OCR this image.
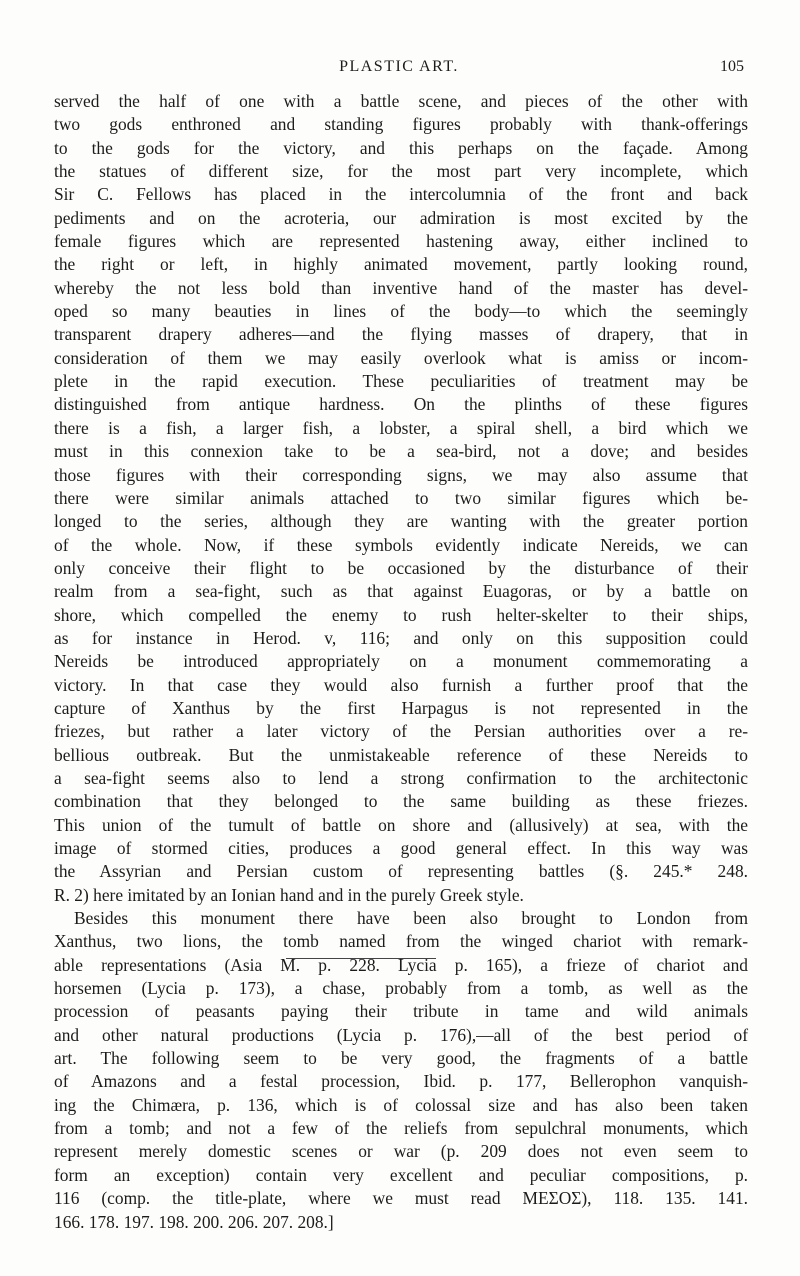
PLASTIC ART.	105
served the half of one with a battle scene, and pieces of the other with
two gods enthroned and standing figures probably with thank-offerings
to the gods for the victory, and this perhaps on the façade. Among
the statues of different size, for the most part very incomplete, which
Sir C. Fellows has placed in the intercolumnia of the front and back
pediments and on the acroteria, our admiration is most excited by the
female figures which are represented hastening away, either inclined to
the right or left, in highly animated movement, partly looking round,
whereby the not less bold than inventive hand of the master has devel-
oped so many beauties in lines of the body—to which the seemingly
transparent drapery adheres—and the flying masses of drapery, that in
consideration of them we may easily overlook what is amiss or incom-
plete in the rapid execution. These peculiarities of treatment may be
distinguished from antique hardness. On the plinths of these figures
there is a fish, a larger fish, a lobster, a spiral shell, a bird which we
must in this connexion take to be a sea-bird, not a dove; and besides
those figures with their corresponding signs, we may also assume that
there were similar animals attached to two similar figures which be-
longed to the series, although they are wanting with the greater portion
of the whole. Now, if these symbols evidently indicate Nereids, we can
only conceive their flight to be occasioned by the disturbance of their
realm from a sea-fight, such as that against Euagoras, or by a battle on
shore, which compelled the enemy to rush helter-skelter to their ships,
as for instance in Herod. v, 116; and only on this supposition could
Nereids be introduced appropriately on a monument commemorating a
victory. In that case they would also furnish a further proof that the
capture of Xanthus by the first Harpagus is not represented in the
friezes, but rather a later victory of the Persian authorities over a re-
bellious outbreak. But the unmistakeable reference of these Nereids to
a sea-fight seems also to lend a strong confirmation to the architectonic
combination that they belonged to the same building as these friezes.
This union of the tumult of battle on shore and (allusively) at sea, with the
image of stormed cities, produces a good general effect. In this way was
the Assyrian and Persian custom of representing battles (§. 245.* 248.
R. 2) here imitated by an Ionian hand and in the purely Greek style.
Besides this monument there have been also brought to London from
Xanthus, two lions, the tomb named from the winged chariot with remark-
able representations (Asia M. p. 228. Lycia p. 165), a frieze of chariot and
horsemen (Lycia p. 173), a chase, probably from a tomb, as well as the
procession of peasants paying their tribute in tame and wild animals
and other natural productions (Lycia p. 176),—all of the best period of
art. The following seem to be very good, the fragments of a battle
of Amazons and a festal procession, Ibid. p. 177, Bellerophon vanquish-
ing the Chimæra, p. 136, which is of colossal size and has also been taken
from a tomb; and not a few of the reliefs from sepulchral monuments, which
represent merely domestic scenes or war (p. 209 does not even seem to
form an exception) contain very excellent and peculiar compositions, p.
116 (comp. the title-plate, where we must read ΜΕΣΟΣ), 118. 135. 141.
166. 178. 197. 198. 200. 206. 207. 208.]
